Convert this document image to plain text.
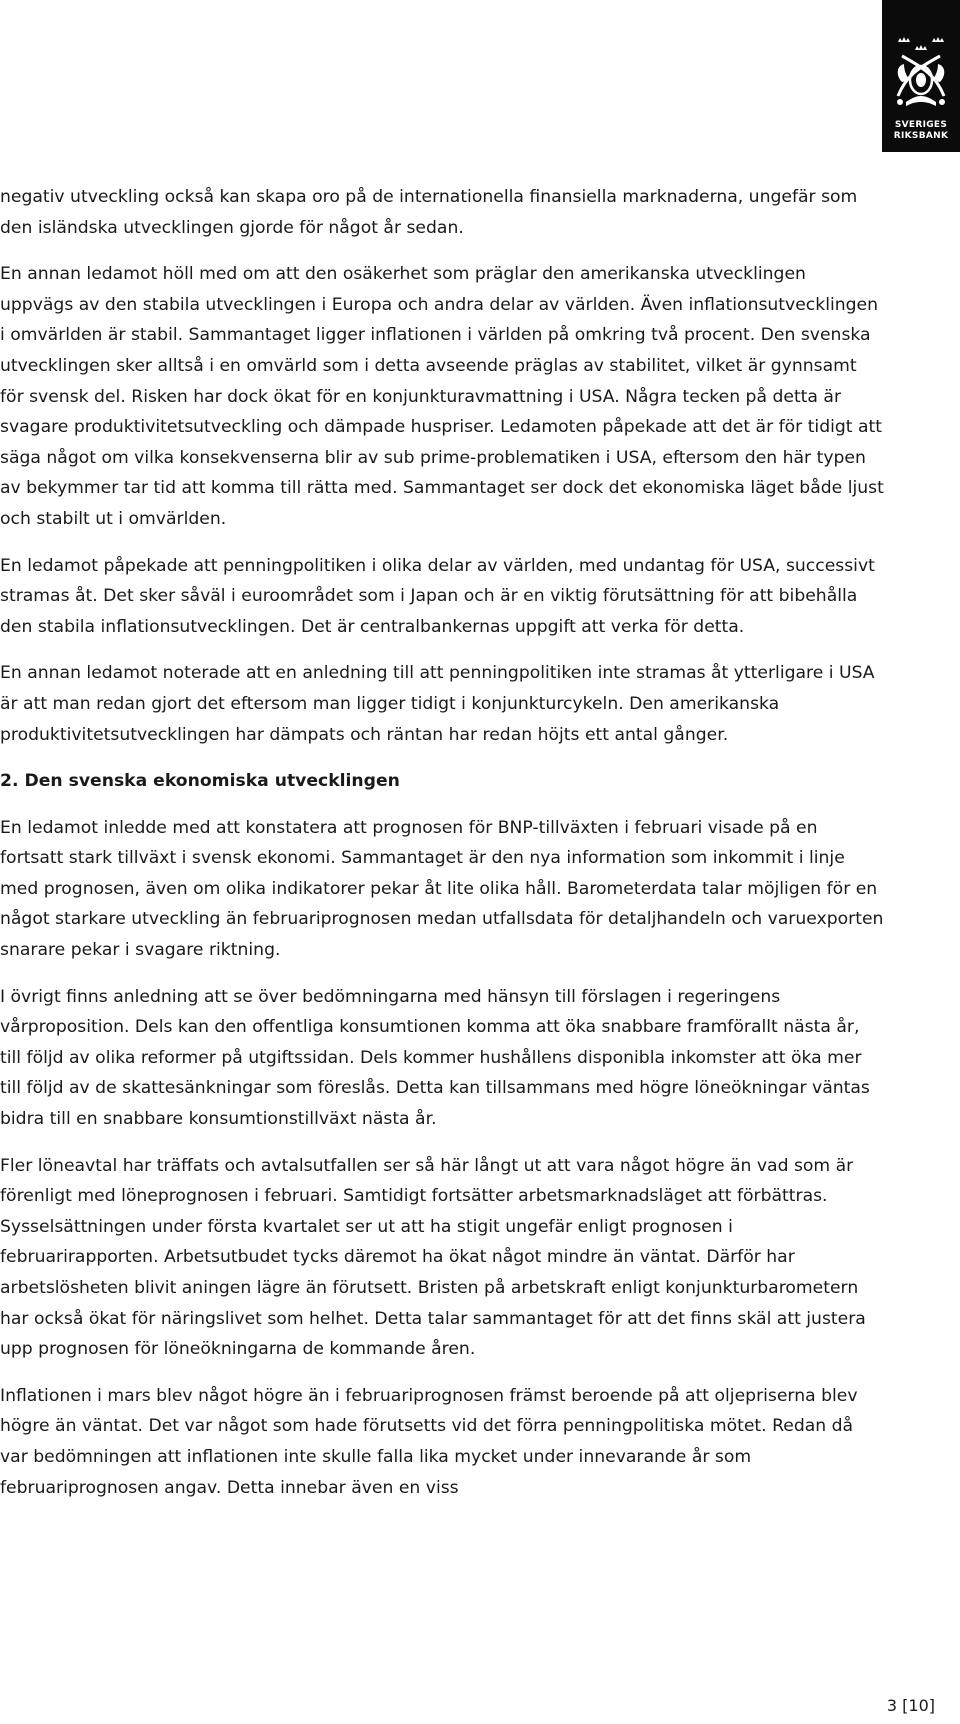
SVERIGES
RIKSBANK

negativ utveckling också kan skapa oro på de internationella finansiella marknaderna, ungefär som den isländska utvecklingen gjorde för något år sedan.

En annan ledamot höll med om att den osäkerhet som präglar den amerikanska utvecklingen uppvägs av den stabila utvecklingen i Europa och andra delar av världen. Även inflationsutvecklingen i omvärlden är stabil. Sammantaget ligger inflationen i världen på omkring två procent. Den svenska utvecklingen sker alltså i en omvärld som i detta avseende präglas av stabilitet, vilket är gynnsamt för svensk del. Risken har dock ökat för en konjunkturavmattning i USA. Några tecken på detta är svagare produktivitetsutveckling och dämpade huspriser. Ledamoten påpekade att det är för tidigt att säga något om vilka konsekvenserna blir av sub prime-problematiken i USA, eftersom den här typen av bekymmer tar tid att komma till rätta med. Sammantaget ser dock det ekonomiska läget både ljust och stabilt ut i omvärlden.

En ledamot påpekade att penningpolitiken i olika delar av världen, med undantag för USA, successivt stramas åt. Det sker såväl i euroområdet som i Japan och är en viktig förutsättning för att bibehålla den stabila inflationsutvecklingen. Det är centralbankernas uppgift att verka för detta.

En annan ledamot noterade att en anledning till att penningpolitiken inte stramas åt ytterligare i USA är att man redan gjort det eftersom man ligger tidigt i konjunkturcykeln. Den amerikanska produktivitetsutvecklingen har dämpats och räntan har redan höjts ett antal gånger.

2. Den svenska ekonomiska utvecklingen

En ledamot inledde med att konstatera att prognosen för BNP-tillväxten i februari visade på en fortsatt stark tillväxt i svensk ekonomi. Sammantaget är den nya information som inkommit i linje med prognosen, även om olika indikatorer pekar åt lite olika håll. Barometerdata talar möjligen för en något starkare utveckling än februariprognosen medan utfallsdata för detaljhandeln och varuexporten snarare pekar i svagare riktning.

I övrigt finns anledning att se över bedömningarna med hänsyn till förslagen i regeringens vårproposition. Dels kan den offentliga konsumtionen komma att öka snabbare framförallt nästa år, till följd av olika reformer på utgiftssidan. Dels kommer hushållens disponibla inkomster att öka mer till följd av de skattesänkningar som föreslås. Detta kan tillsammans med högre löneökningar väntas bidra till en snabbare konsumtionstillväxt nästa år.

Fler löneavtal har träffats och avtalsutfallen ser så här långt ut att vara något högre än vad som är förenligt med löneprognosen i februari. Samtidigt fortsätter arbetsmarknadsläget att förbättras. Sysselsättningen under första kvartalet ser ut att ha stigit ungefär enligt prognosen i februarirapporten. Arbetsutbudet tycks däremot ha ökat något mindre än väntat. Därför har arbetslösheten blivit aningen lägre än förutsett. Bristen på arbetskraft enligt konjunkturbarometern har också ökat för näringslivet som helhet. Detta talar sammantaget för att det finns skäl att justera upp prognosen för löneökningarna de kommande åren.

Inflationen i mars blev något högre än i februariprognosen främst beroende på att oljepriserna blev högre än väntat. Det var något som hade förutsetts vid det förra penningpolitiska mötet. Redan då var bedömningen att inflationen inte skulle falla lika mycket under innevarande år som februariprognosen angav. Detta innebar även en viss

3 [10]
